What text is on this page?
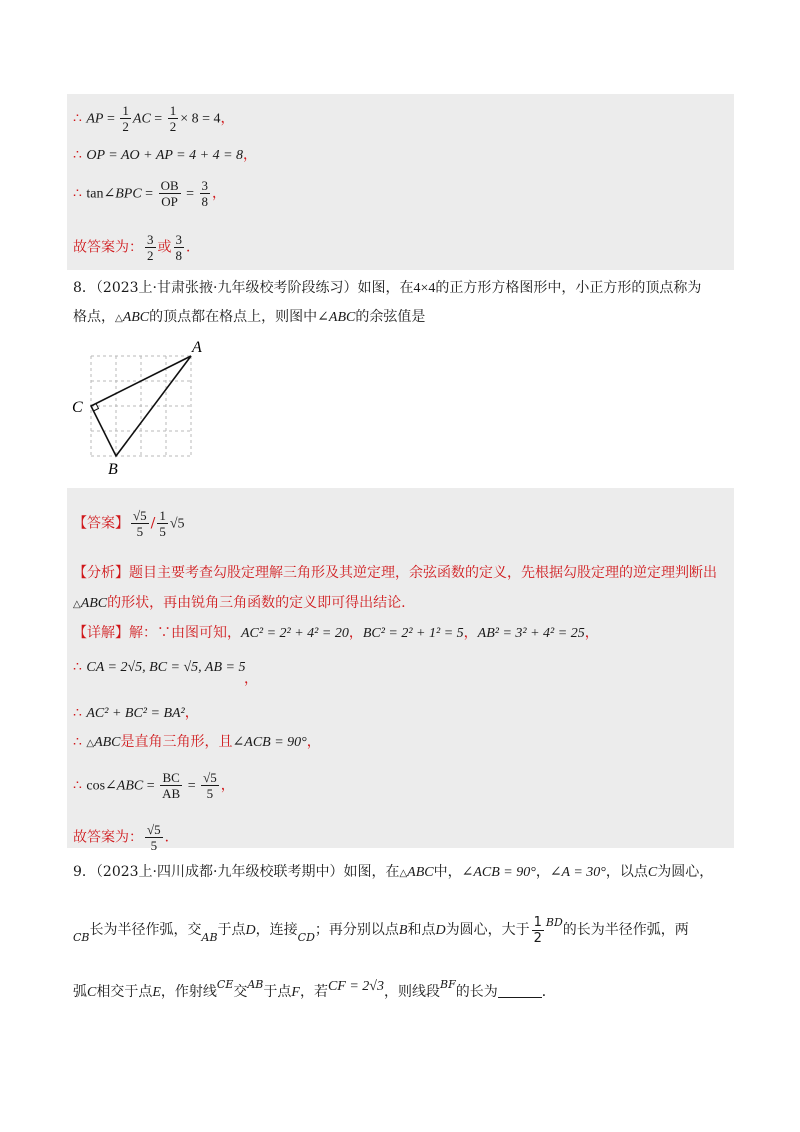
∴ AP = $\frac{1}{2}$ AC = $\frac{1}{2} \times 8 = 4$，
∴ OP = AO + AP = 4 + 4 = 8，
∴ tan∠BPC = $\frac{OB}{OP} = \frac{3}{8}$ ，
故答案为： $\frac{3}{2}$ 或 $\frac{3}{8}$ ．
8．（2023上·甘肃张掖·九年级校考阶段练习）如图，在4×4的正方形方格图形中，小正方形的顶点称为
格点，△ABC的顶点都在格点上，则图中∠ABC的余弦值是
A
C
B
【答案】 $\frac{√5}{5} / \frac{1}{5} √5$
【分析】题目主要考查勾股定理解三角形及其逆定理，余弦函数的定义，先根据勾股定理的逆定理判断出
△ABC的形状，再由锐角三角函数的定义即可得出结论.
【详解】解：∵由图可知，AC² = 2² + 4² = 20，BC² = 2² + 1² = 5，AB² = 3² + 4² = 25，
∴ CA = 2√5, BC = √5, AB = 5
，
∴ AC² + BC² = BA²，
∴ △ABC是直角三角形，且∠ACB = 90°，
∴ cos∠ABC = $\frac{BC}{AB} = \frac{√5}{5}$ ，
故答案为： $\frac{√5}{5}$ ．
9．（2023上·四川成都·九年级校联考期中）如图，在△ABC中，∠ACB = 90°，∠A = 30°，以点C为圆心，
$_{CB}$长为半径作弧，交$_{AB}$于点D，连接$_{CD}$；再分别以点B和点D为圆心，大于 $\frac{1}{2} ^{BD}$的长为半径作弧，两
弧C相交于点E，作射线$^{CE}$交$^{AB}$于点F，若CF = 2√3，则线段$^{BF}$的长为	．
